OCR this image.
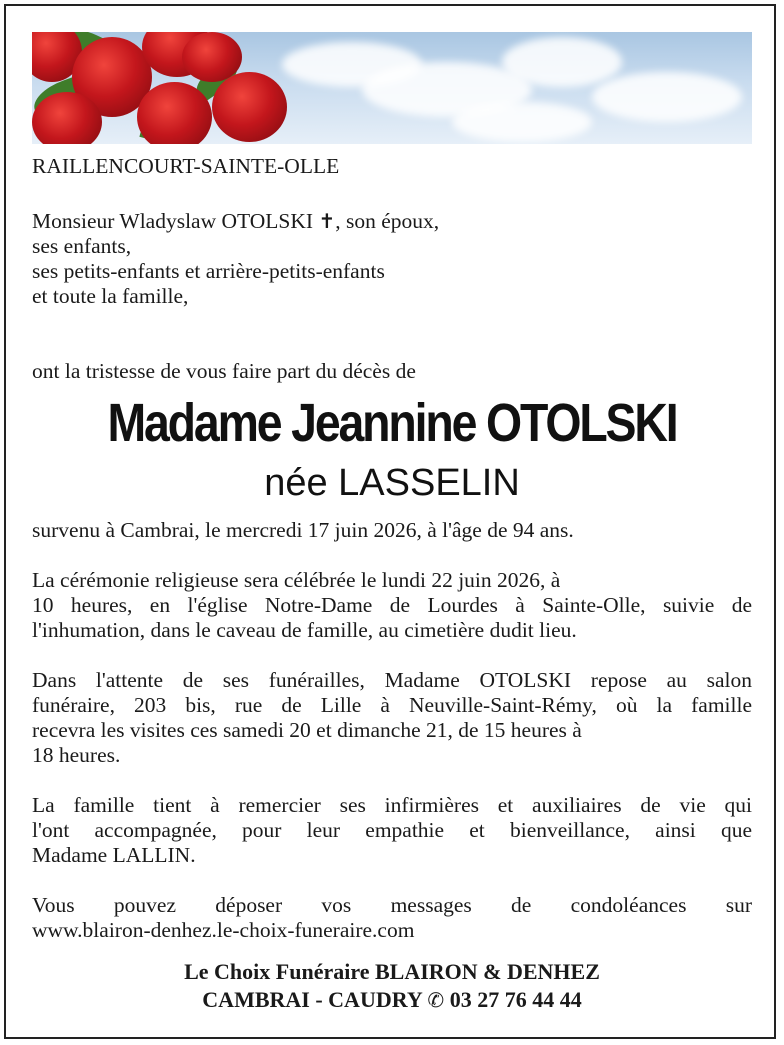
RAILLENCOURT-SAINTE-OLLE
Monsieur Wladyslaw OTOLSKI ✝, son époux,
ses enfants,
ses petits-enfants et arrière-petits-enfants
et toute la famille,
ont la tristesse de vous faire part du décès de
Madame Jeannine OTOLSKI
née LASSELIN
survenu à Cambrai, le mercredi 17 juin 2026, à l'âge de 94 ans.
La cérémonie religieuse sera célébrée le lundi 22 juin 2026, à
10 heures, en l'église Notre-Dame de Lourdes à Sainte-Olle, suivie de
l'inhumation, dans le caveau de famille, au cimetière dudit lieu.
Dans l'attente de ses funérailles, Madame OTOLSKI repose au salon
funéraire, 203 bis, rue de Lille à Neuville-Saint-Rémy, où la famille
recevra les visites ces samedi 20 et dimanche 21, de 15 heures à
18 heures.
La famille tient à remercier ses infirmières et auxiliaires de vie qui
l'ont accompagnée, pour leur empathie et bienveillance, ainsi que
Madame LALLIN.
Vous pouvez déposer vos messages de condoléances sur
www.blairon-denhez.le-choix-funeraire.com
Le Choix Funéraire BLAIRON & DENHEZ
CAMBRAI - CAUDRY ✆ 03 27 76 44 44
